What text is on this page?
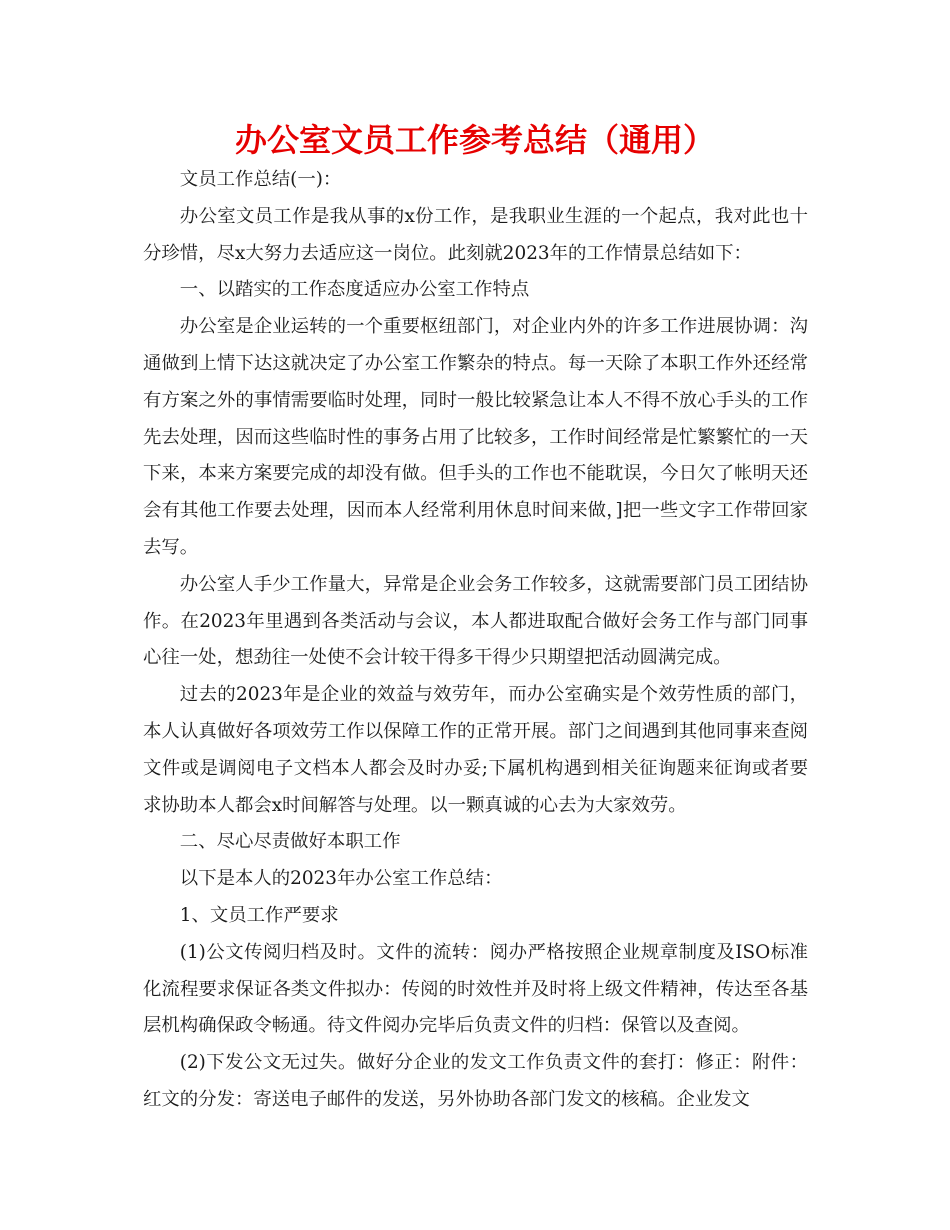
办公室文员工作参考总结（通用）

文员工作总结(一)：

办公室文员工作是我从事的x份工作，是我职业生涯的一个起点，我对此也十分珍惜，尽x大努力去适应这一岗位。此刻就2023年的工作情景总结如下：

一、以踏实的工作态度适应办公室工作特点

办公室是企业运转的一个重要枢纽部门，对企业内外的许多工作进展协调：沟通做到上情下达这就决定了办公室工作繁杂的特点。每一天除了本职工作外还经常有方案之外的事情需要临时处理，同时一般比较紧急让本人不得不放心手头的工作先去处理，因而这些临时性的事务占用了比较多，工作时间经常是忙繁繁忙的一天下来，本来方案要完成的却没有做。但手头的工作也不能耽误，今日欠了帐明天还会有其他工作要去处理，因而本人经常利用休息时间来做，]把一些文字工作带回家去写。

办公室人手少工作量大，异常是企业会务工作较多，这就需要部门员工团结协作。在2023年里遇到各类活动与会议，本人都进取配合做好会务工作与部门同事心往一处，想劲往一处使不会计较干得多干得少只期望把活动圆满完成。

过去的2023年是企业的效益与效劳年，而办公室确实是个效劳性质的部门，本人认真做好各项效劳工作以保障工作的正常开展。部门之间遇到其他同事来查阅文件或是调阅电子文档本人都会及时办妥;下属机构遇到相关征询题来征询或者要求协助本人都会x时间解答与处理。以一颗真诚的心去为大家效劳。

二、尽心尽责做好本职工作

以下是本人的2023年办公室工作总结：

1、文员工作严要求

(1)公文传阅归档及时。文件的流转：阅办严格按照企业规章制度及ISO标准化流程要求保证各类文件拟办：传阅的时效性并及时将上级文件精神，传达至各基层机构确保政令畅通。待文件阅办完毕后负责文件的归档：保管以及查阅。

(2)下发公文无过失。做好分企业的发文工作负责文件的套打：修正：附件：红文的分发：寄送电子邮件的发送，另外协助各部门发文的核稿。企业发文
